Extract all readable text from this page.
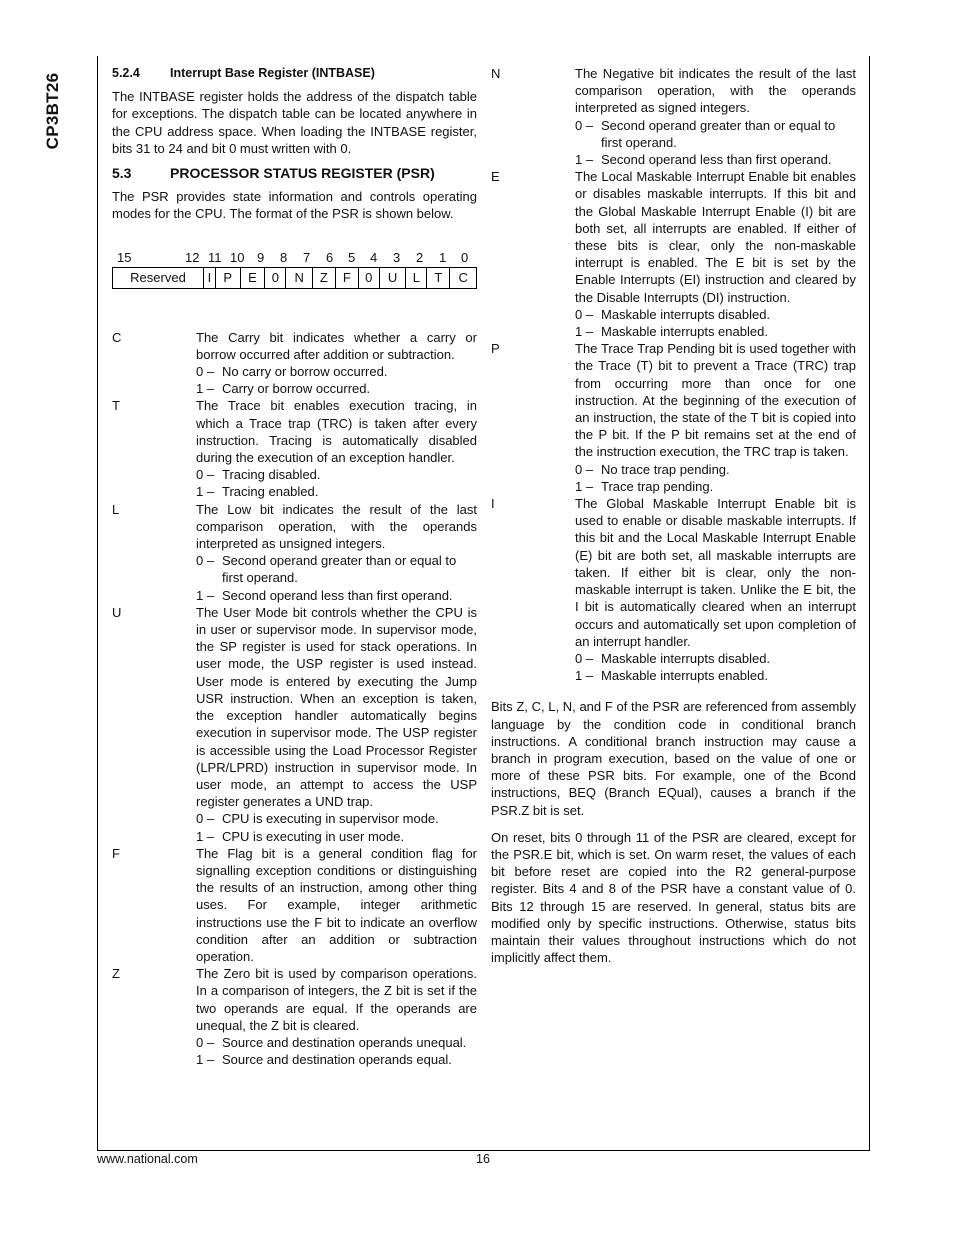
CP3BT26	5.2.4	Interrupt Base Register (INTBASE)

The INTBASE register holds the address of the dispatch table for exceptions. The dispatch table can be located anywhere in the CPU address space. When loading the INTBASE register, bits 31 to 24 and bit 0 must written with 0.

5.3	PROCESSOR STATUS REGISTER (PSR)

The PSR provides state information and controls operating modes for the CPU. The format of the PSR is shown below.

15	12 11 10 9 8 7 6 5 4 3 2 1 0
Reserved	I	P	E	0	N	Z	F	0	U	L	T	C
C	The Carry bit indicates whether a carry or borrow occurred after addition or subtraction.

0 – No carry or borrow occurred.
1 – Carry or borrow occurred.
T	The Trace bit enables execution tracing, in which a Trace trap (TRC) is taken after every instruction. Tracing is automatically disabled during the execution of an exception handler.

0 – Tracing disabled.
1 – Tracing enabled.
L	The Low bit indicates the result of the last comparison operation, with the operands interpreted as unsigned integers.

0 – Second operand greater than or equal to first operand.
1 – Second operand less than first operand.
U	The User Mode bit controls whether the CPU is in user or supervisor mode. In supervisor mode, the SP register is used for stack operations. In user mode, the USP register is used instead. User mode is entered by executing the Jump USR instruction. When an exception is taken, the exception handler automatically begins execution in supervisor mode. The USP register is accessible using the Load Processor Register (LPR/LPRD) instruction in supervisor mode. In user mode, an attempt to access the USP register generates a UND trap.

0 – CPU is executing in supervisor mode.
1 – CPU is executing in user mode.
F	The Flag bit is a general condition flag for signalling exception conditions or distinguishing the results of an instruction, among other thing uses. For example, integer arithmetic instructions use the F bit to indicate an overflow condition after an addition or subtraction operation.

Z	The Zero bit is used by comparison operations. In a comparison of integers, the Z bit is set if the two operands are equal. If the operands are unequal, the Z bit is cleared.

0 – Source and destination operands unequal.
1 – Source and destination operands equal.
N	The Negative bit indicates the result of the last comparison operation, with the operands interpreted as signed integers.

0 – Second operand greater than or equal to first operand.
1 – Second operand less than first operand.
E	The Local Maskable Interrupt Enable bit enables or disables maskable interrupts. If this bit and the Global Maskable Interrupt Enable (I) bit are both set, all interrupts are enabled. If either of these bits is clear, only the non-maskable interrupt is enabled. The E bit is set by the Enable Interrupts (EI) instruction and cleared by the Disable Interrupts (DI) instruction.

0 – Maskable interrupts disabled.
1 – Maskable interrupts enabled.
P	The Trace Trap Pending bit is used together with the Trace (T) bit to prevent a Trace (TRC) trap from occurring more than once for one instruction. At the beginning of the execution of an instruction, the state of the T bit is copied into the P bit. If the P bit remains set at the end of the instruction execution, the TRC trap is taken.

0 – No trace trap pending.
1 – Trace trap pending.
I	The Global Maskable Interrupt Enable bit is used to enable or disable maskable interrupts. If this bit and the Local Maskable Interrupt Enable (E) bit are both set, all maskable interrupts are taken. If either bit is clear, only the non-maskable interrupt is taken. Unlike the E bit, the I bit is automatically cleared when an interrupt occurs and automatically set upon completion of an interrupt handler.

0 – Maskable interrupts disabled.
1 – Maskable interrupts enabled.

Bits Z, C, L, N, and F of the PSR are referenced from assembly language by the condition code in conditional branch instructions. A conditional branch instruction may cause a branch in program execution, based on the value of one or more of these PSR bits. For example, one of the Bcond instructions, BEQ (Branch EQual), causes a branch if the PSR.Z bit is set.

On reset, bits 0 through 11 of the PSR are cleared, except for the PSR.E bit, which is set. On warm reset, the values of each bit before reset are copied into the R2 general-purpose register. Bits 4 and 8 of the PSR have a constant value of 0. Bits 12 through 15 are reserved. In general, status bits are modified only by specific instructions. Otherwise, status bits maintain their values throughout instructions which do not implicitly affect them.

www.national.com	16
